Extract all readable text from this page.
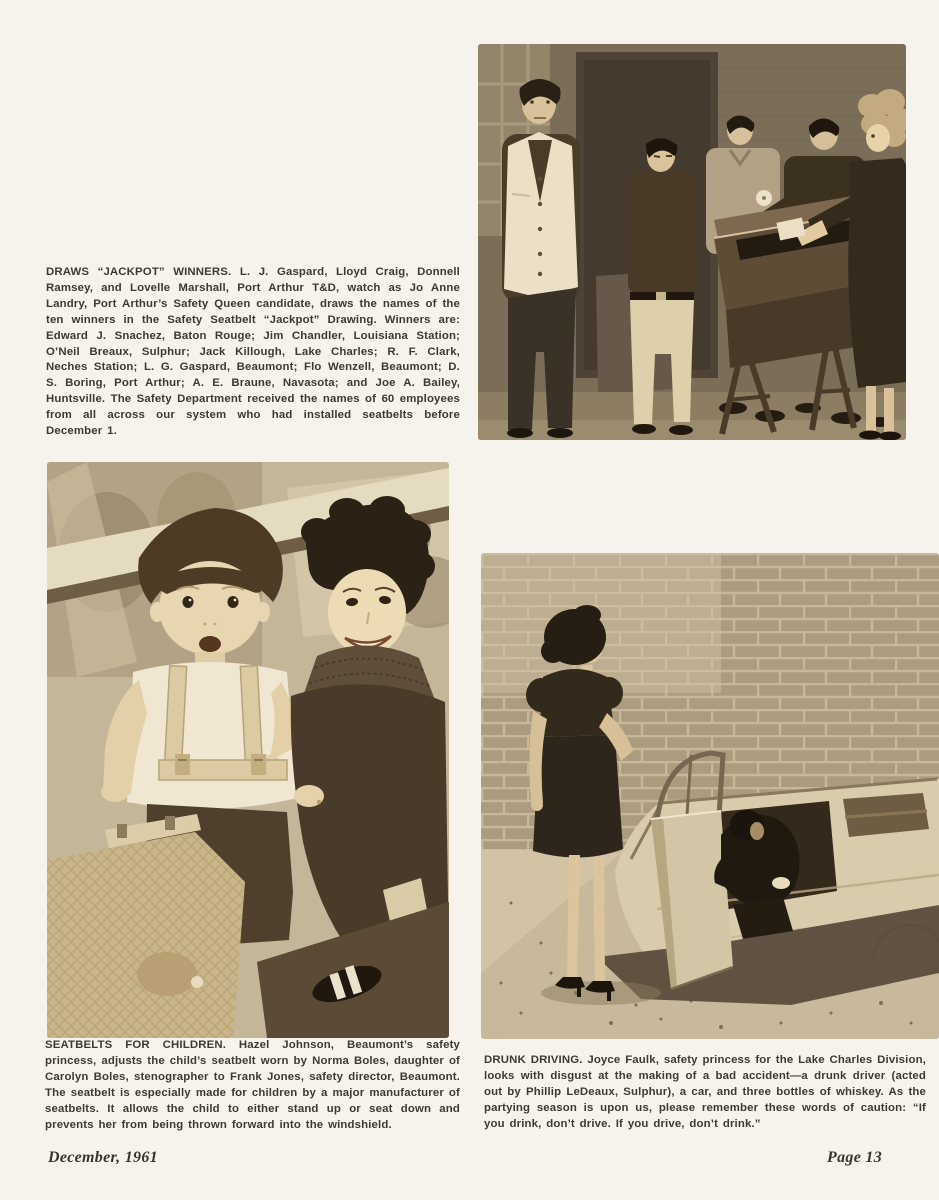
DRAWS “JACKPOT” WINNERS. L. J. Gaspard, Lloyd Craig, Donnell Ramsey, and Lovelle Marshall, Port Arthur T&D, watch as Jo Anne Landry, Port Arthur’s Safety Queen candidate, draws the names of the ten winners in the Safety Seatbelt “Jackpot” Drawing. Winners are: Edward J. Snachez, Baton Rouge; Jim Chandler, Louisiana Station; O’Neil Breaux, Sulphur; Jack Killough, Lake Charles; R. F. Clark, Neches Station; L. G. Gaspard, Beaumont; Flo Wenzell, Beaumont; D. S. Boring, Port Arthur; A. E. Braune, Navasota; and Joe A. Bailey, Huntsville. The Safety Department received the names of 60 employees from all across our system who had installed seatbelts before December 1.

SEATBELTS FOR CHILDREN. Hazel Johnson, Beaumont’s safety princess, adjusts the child’s seatbelt worn by Norma Boles, daughter of Carolyn Boles, stenographer to Frank Jones, safety director, Beaumont. The seatbelt is especially made for children by a major manufacturer of seatbelts. It allows the child to either stand up or seat down and prevents her from being thrown forward into the windshield.

DRUNK DRIVING. Joyce Faulk, safety princess for the Lake Charles Division, looks with disgust at the making of a bad accident—a drunk driver (acted out by Phillip LeDeaux, Sulphur), a car, and three bottles of whiskey. As the partying season is upon us, please remember these words of caution: “If you drink, don’t drive. If you drive, don’t drink.”

December, 1961	Page 13
